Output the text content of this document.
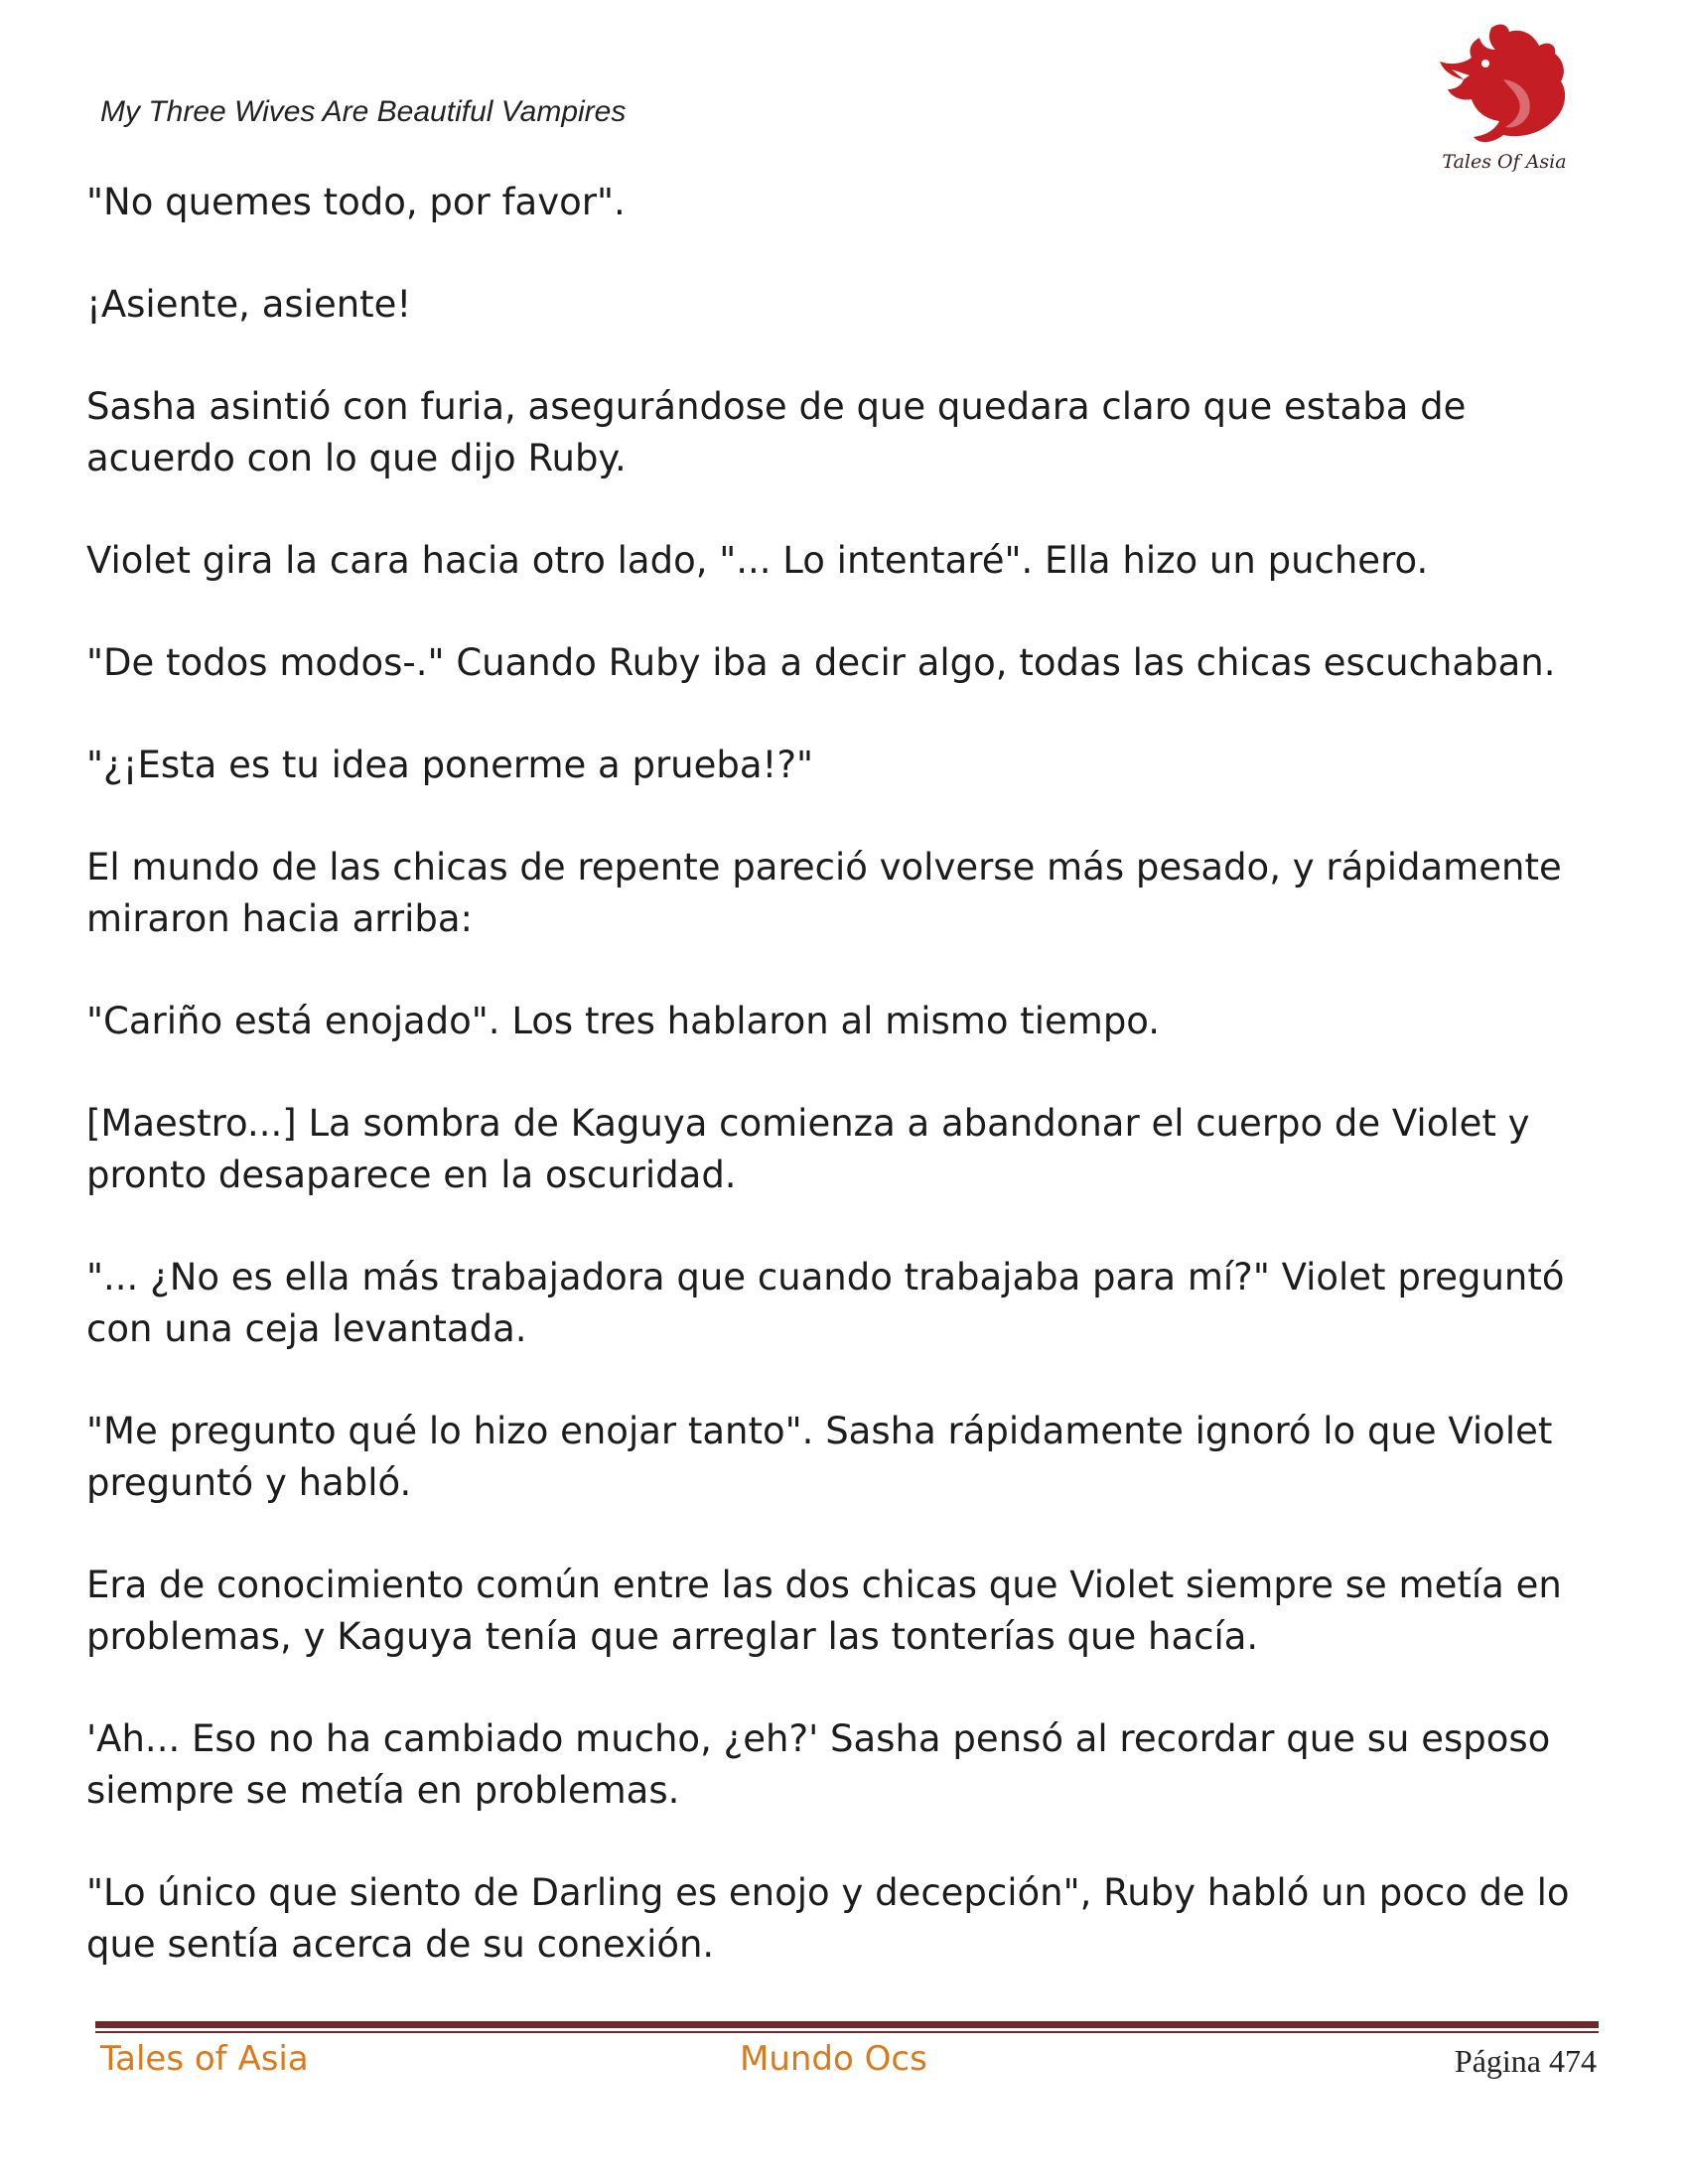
My Three Wives Are Beautiful Vampires
Tales Of Asia

"No quemes todo, por favor".

¡Asiente, asiente!

Sasha asintió con furia, asegurándose de que quedara claro que estaba de acuerdo con lo que dijo Ruby.

Violet gira la cara hacia otro lado, "... Lo intentaré". Ella hizo un puchero.

"De todos modos-." Cuando Ruby iba a decir algo, todas las chicas escuchaban.

"¿¡Esta es tu idea ponerme a prueba!?"

El mundo de las chicas de repente pareció volverse más pesado, y rápidamente miraron hacia arriba:

"Cariño está enojado". Los tres hablaron al mismo tiempo.

[Maestro...] La sombra de Kaguya comienza a abandonar el cuerpo de Violet y pronto desaparece en la oscuridad.

"... ¿No es ella más trabajadora que cuando trabajaba para mí?" Violet preguntó con una ceja levantada.

"Me pregunto qué lo hizo enojar tanto". Sasha rápidamente ignoró lo que Violet preguntó y habló.

Era de conocimiento común entre las dos chicas que Violet siempre se metía en problemas, y Kaguya tenía que arreglar las tonterías que hacía.

'Ah... Eso no ha cambiado mucho, ¿eh?' Sasha pensó al recordar que su esposo siempre se metía en problemas.

"Lo único que siento de Darling es enojo y decepción", Ruby habló un poco de lo que sentía acerca de su conexión.

Tales of Asia	Mundo Ocs	Página 474
